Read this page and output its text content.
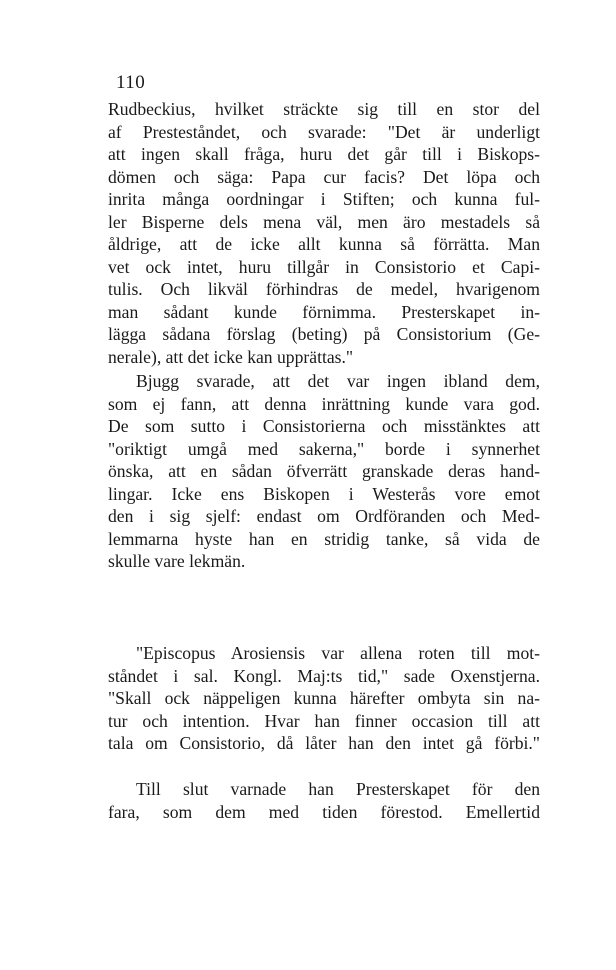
110
Rudbeckius, hvilket sträckte sig till en stor del
af Presteståndet, och svarade: "Det är underligt
att ingen skall fråga, huru det går till i Biskops-
dömen och säga: Papa cur facis? Det löpa och
inrita många oordningar i Stiften; och kunna ful-
ler Bisperne dels mena väl, men äro mestadels så
åldrige, att de icke allt kunna så förrätta. Man
vet ock intet, huru tillgår in Consistorio et Capi-
tulis. Och likväl förhindras de medel, hvarigenom
man sådant kunde förnimma. Presterskapet in-
lägga sådana förslag (beting) på Consistorium (Ge-
nerale), att det icke kan upprättas."
Bjugg svarade, att det var ingen ibland dem,
som ej fann, att denna inrättning kunde vara god.
De som sutto i Consistorierna och misstänktes att
"oriktigt umgå med sakerna," borde i synnerhet
önska, att en sådan öfverrätt granskade deras hand-
lingar. Icke ens Biskopen i Westerås vore emot
den i sig sjelf: endast om Ordföranden och Med-
lemmarna hyste han en stridig tanke, så vida de
skulle vare lekmän.
"Episcopus Arosiensis var allena roten till mot-
ståndet i sal. Kongl. Maj:ts tid," sade Oxenstjerna.
"Skall ock näppeligen kunna härefter ombyta sin na-
tur och intention. Hvar han finner occasion till att
tala om Consistorio, då låter han den intet gå förbi."
Till slut varnade han Presterskapet för den
fara, som dem med tiden förestod. Emellertid
